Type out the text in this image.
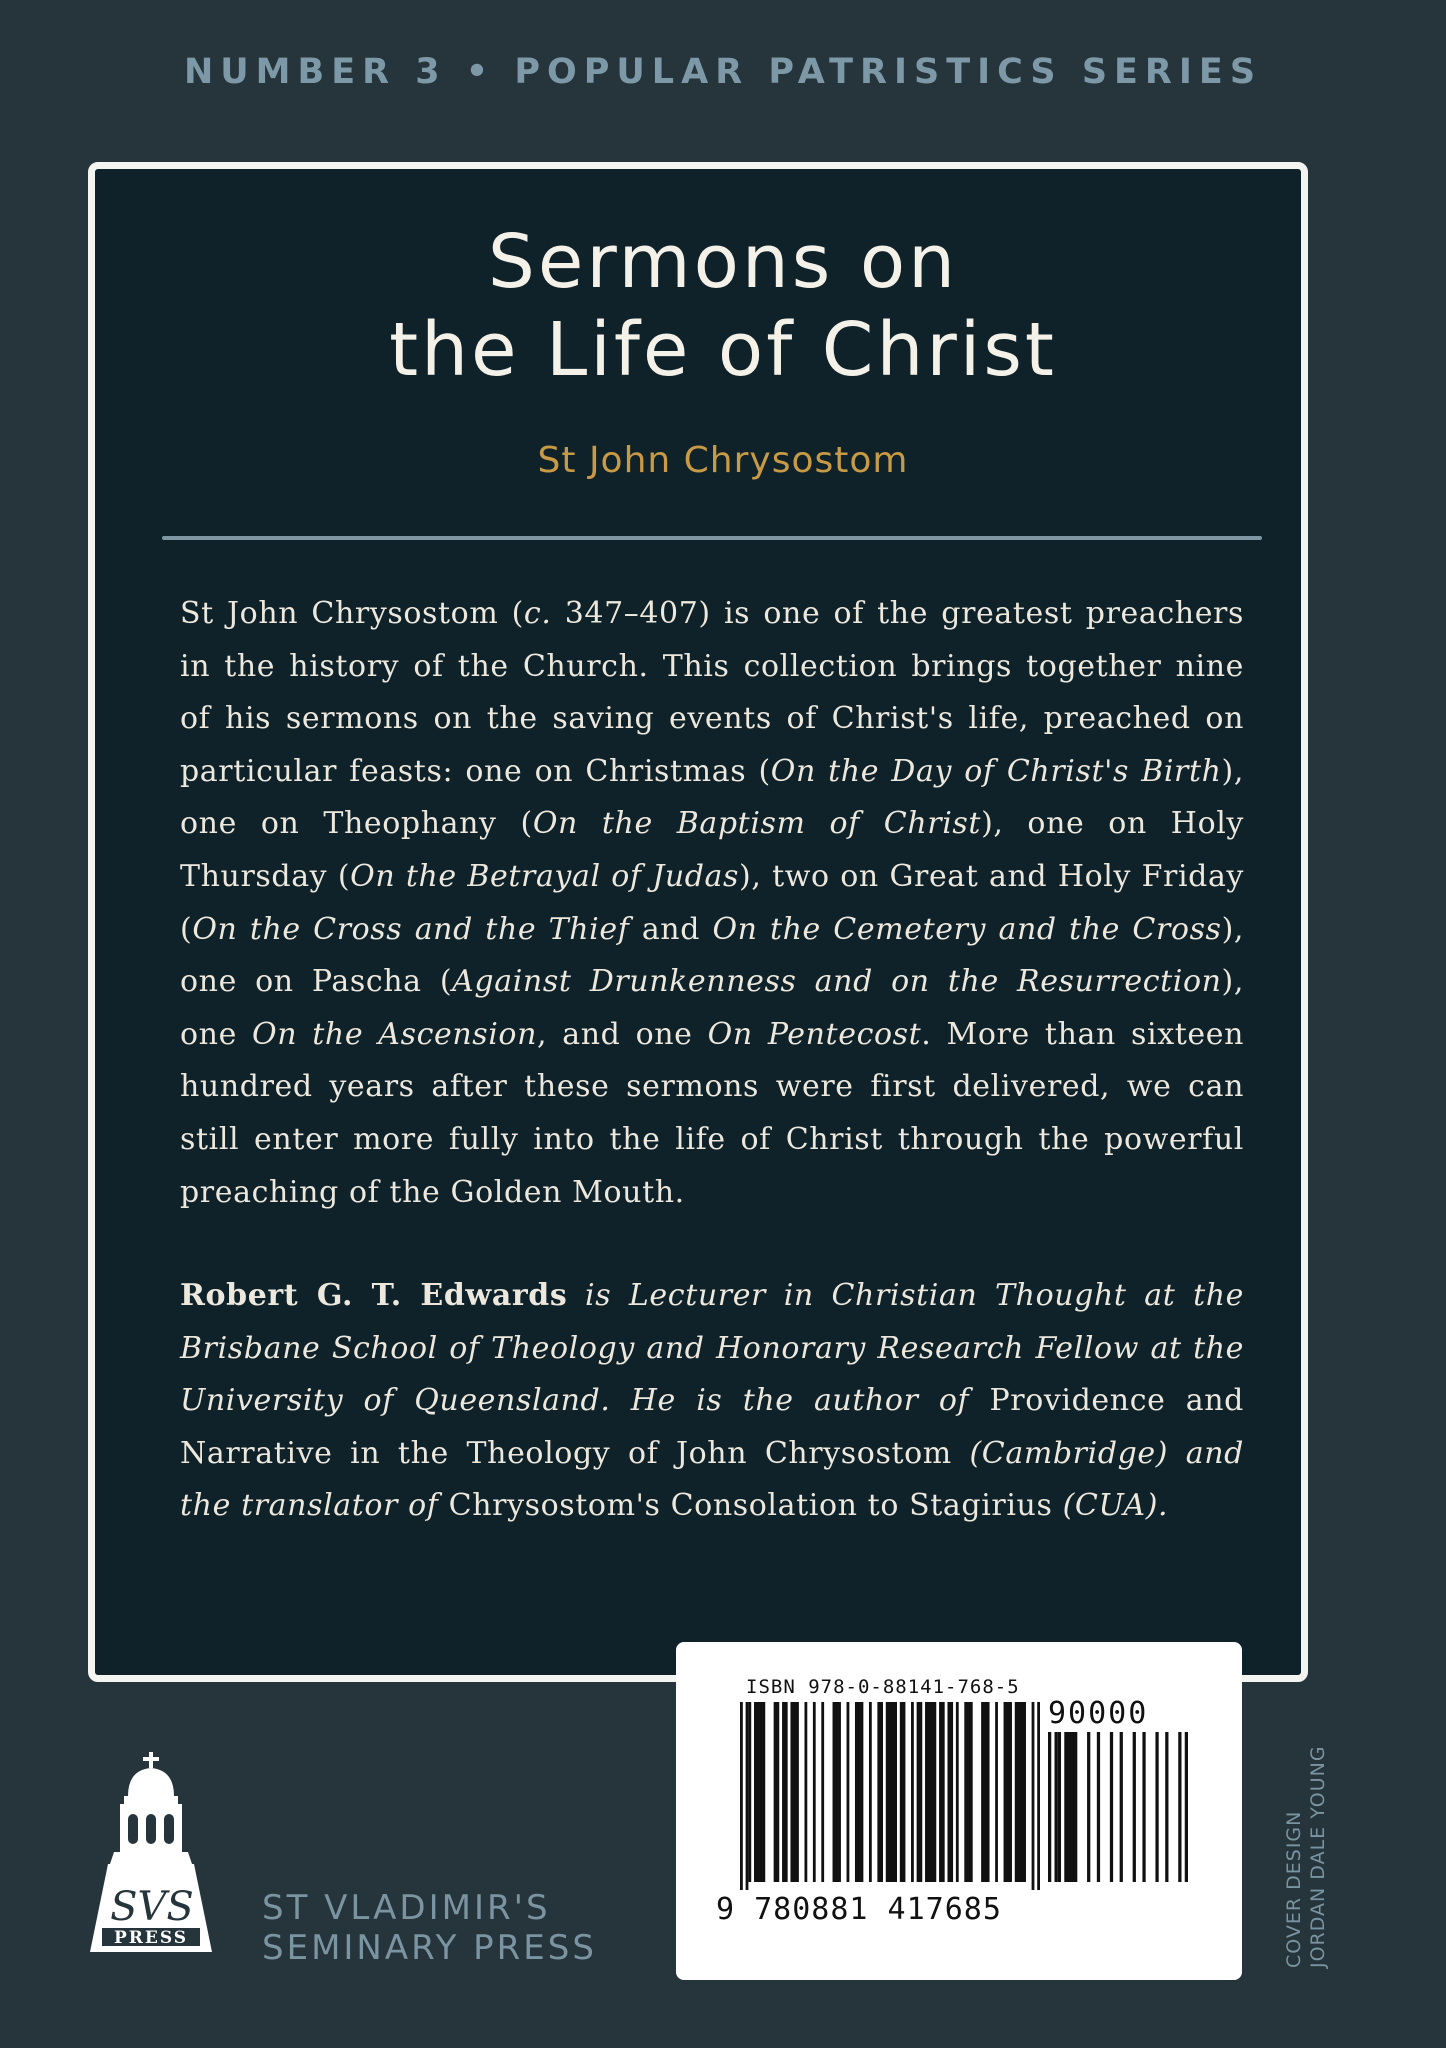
NUMBER 3 • POPULAR PATRISTICS SERIES
Sermons on
the Life of Christ
St John Chrysostom
St John Chrysostom (c. 347–407) is one of the greatest preachers in the history of the Church. This collection brings together nine of his sermons on the saving events of Christ's life, preached on particular feasts: one on Christmas (On the Day of Christ's Birth), one on Theophany (On the Baptism of Christ), one on Holy Thursday (On the Betrayal of Judas), two on Great and Holy Friday (On the Cross and the Thief and On the Cemetery and the Cross), one on Pascha (Against Drunkenness and on the Resurrection), one On the Ascension, and one On Pentecost. More than sixteen hundred years after these sermons were first delivered, we can still enter more fully into the life of Christ through the powerful preaching of the Golden Mouth.
Robert G. T. Edwards is Lecturer in Christian Thought at the Brisbane School of Theology and Honorary Research Fellow at the University of Queensland. He is the author of Providence and Narrative in the Theology of John Chrysostom (Cambridge) and the translator of Chrysostom's Consolation to Stagirius (CUA).
ISBN 978-0-88141-768-5
90000
9 780881 417685
SVS
PRESS
ST VLADIMIR'S
SEMINARY PRESS	COVER DESIGN JORDAN DALE YOUNG
